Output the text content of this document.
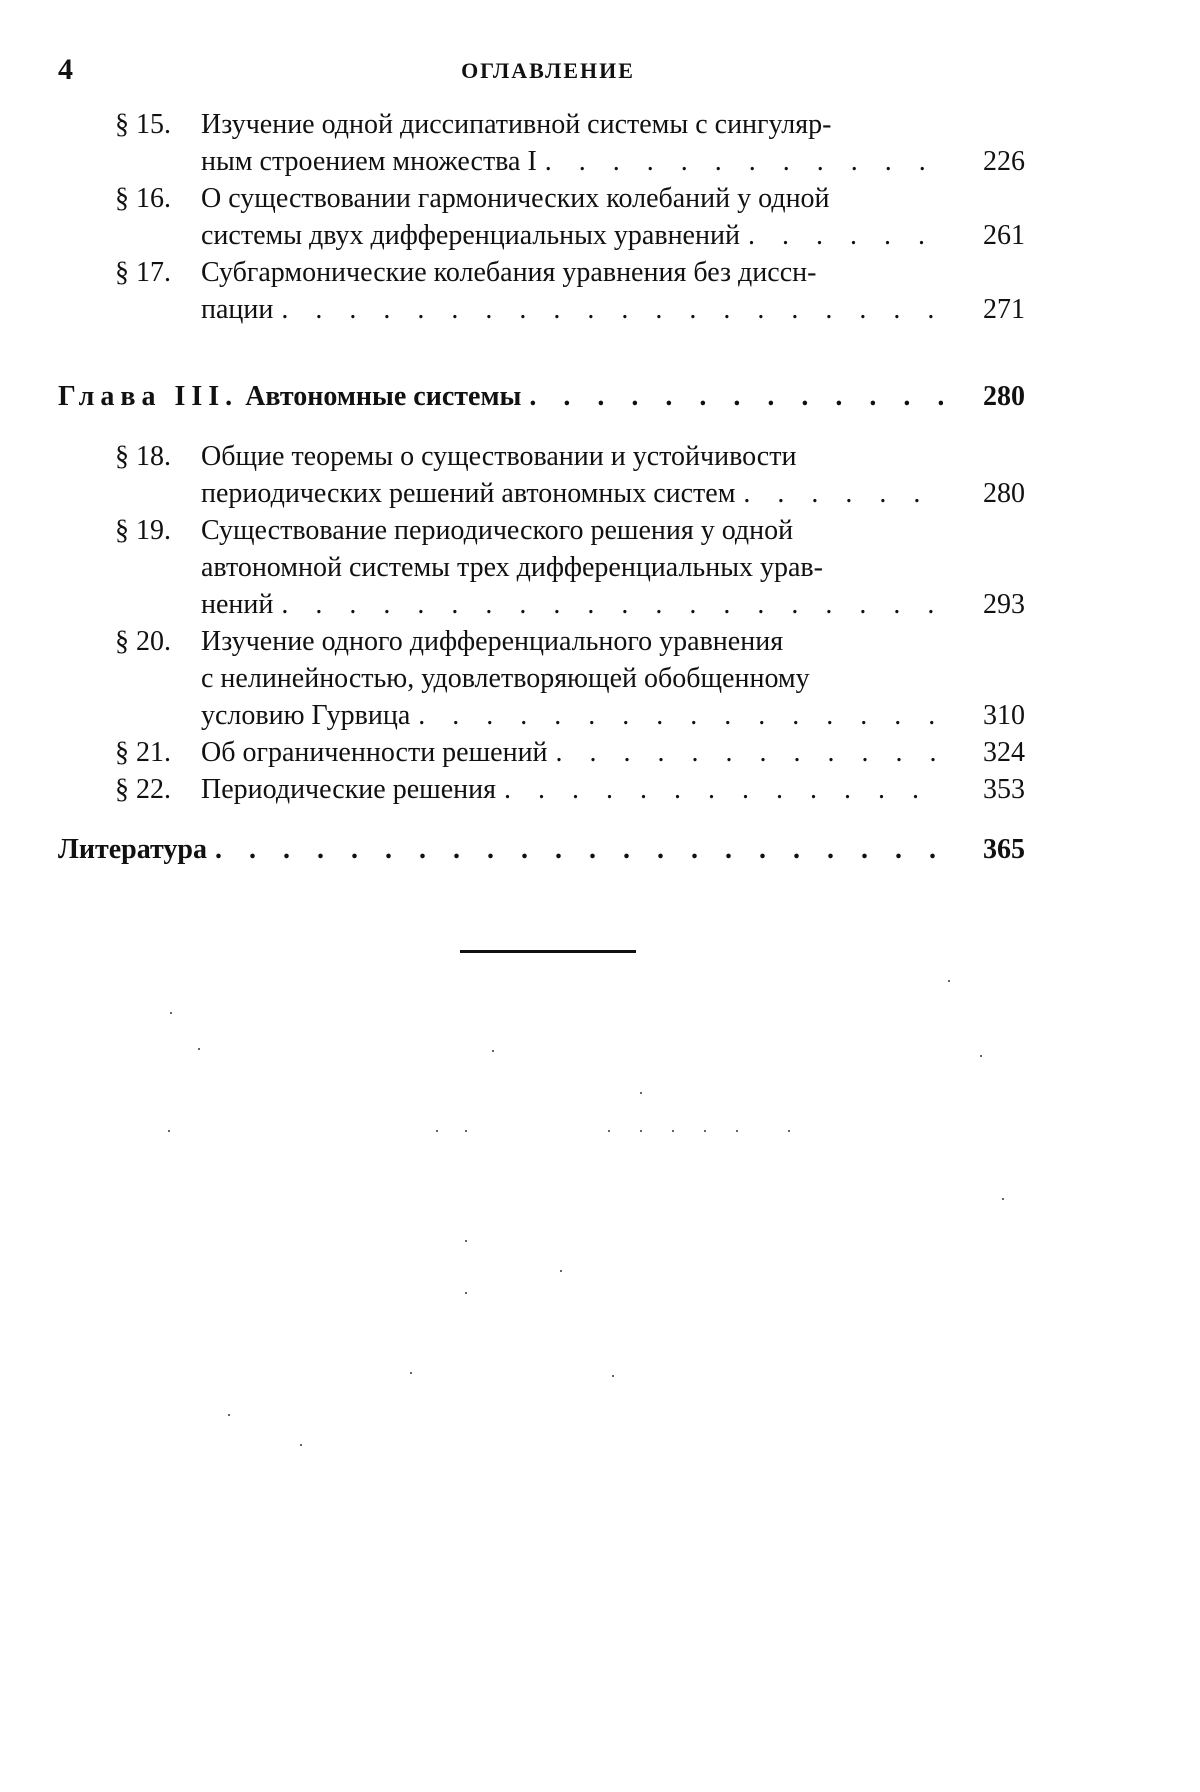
4	ОГЛАВЛЕНИЕ
§ 15.	Изучение одной диссипативной системы с сингуляр-
ным строением множества I . . .	226
§ 16.	О существовании гармонических колебаний у одной
системы двух дифференциальных уравнений . . .	261
§ 17.	Субгармонические колебания уравнения без диссн-
пации . . .	271
Глава III. Автономные системы . . .	280
§ 18.	Общие теоремы о существовании и устойчивости
периодических решений автономных систем . . .	280
§ 19.	Существование периодического решения у одной
автономной системы трех дифференциальных урав-
нений . . .	293
§ 20.	Изучение одного дифференциального уравнения
с нелинейностью, удовлетворяющей обобщенному
условию Гурвица . . .	310
§ 21.	Об ограниченности решений . . .	324
§ 22.	Периодические решения . . .	353
Литература . . .	365
